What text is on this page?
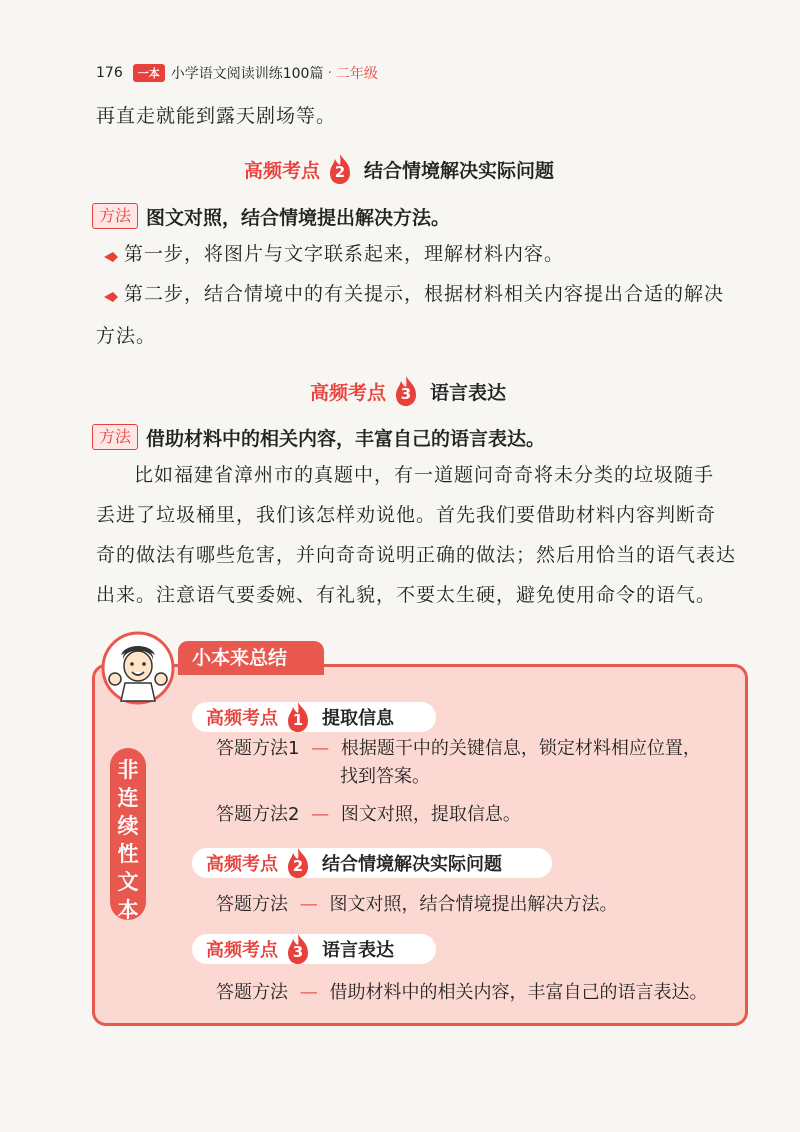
176	一本 小学语文阅读训练100篇 · 二年级
再直走就能到露天剧场等。
高频考点 2 结合情境解决实际问题
方法 图文对照，结合情境提出解决方法。
第一步，将图片与文字联系起来，理解材料内容。
第二步，结合情境中的有关提示，根据材料相关内容提出合适的解决
方法。
高频考点 3 语言表达
方法 借助材料中的相关内容，丰富自己的语言表达。
比如福建省漳州市的真题中，有一道题问奇奇将未分类的垃圾随手
丢进了垃圾桶里，我们该怎样劝说他。首先我们要借助材料内容判断奇
奇的做法有哪些危害，并向奇奇说明正确的做法；然后用恰当的语气表达
出来。注意语气要委婉、有礼貌，不要太生硬，避免使用命令的语气。
小本来总结
非连续性文本
高频考点 1	提取信息
答题方法1 — 根据题干中的关键信息，锁定材料相应位置，
找到答案。
答题方法2 — 图文对照，提取信息。
高频考点 2	结合情境解决实际问题
答题方法 — 图文对照，结合情境提出解决方法。
高频考点 3	语言表达
答题方法 — 借助材料中的相关内容，丰富自己的语言表达。
